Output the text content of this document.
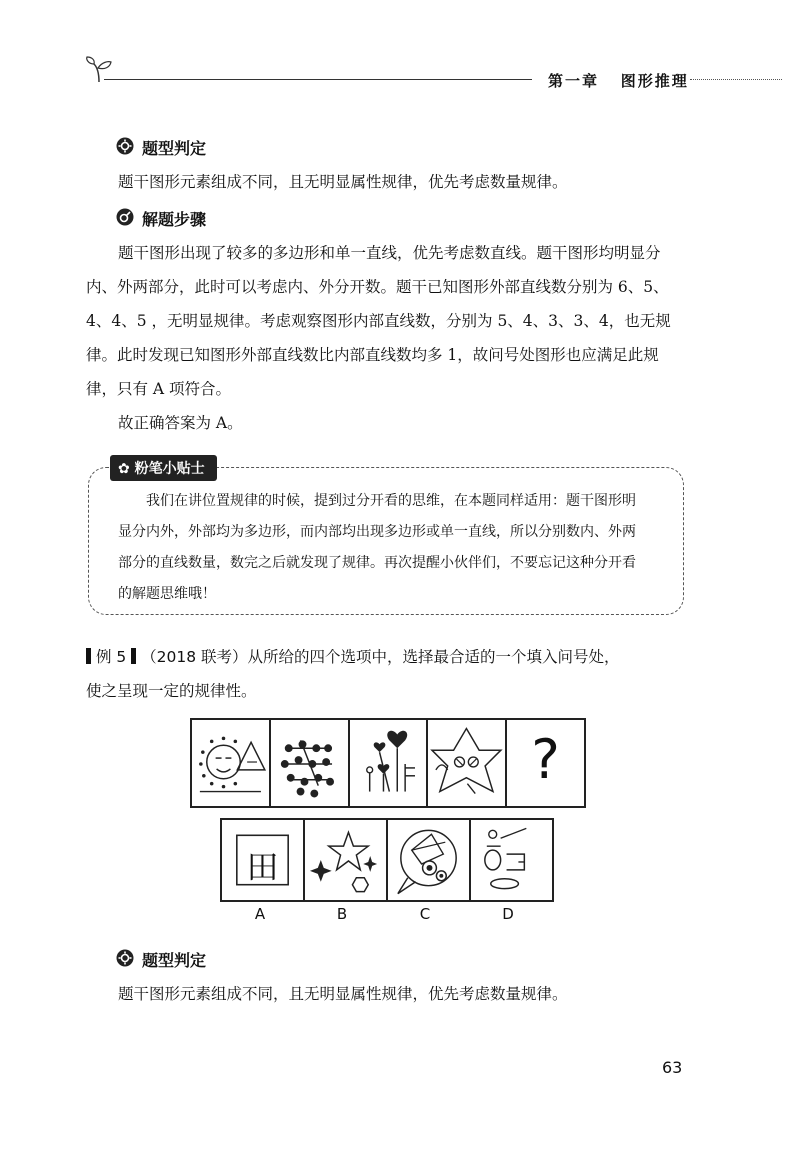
第一章 图形推理
题型判定
题干图形元素组成不同，且无明显属性规律，优先考虑数量规律。
解题步骤
题干图形出现了较多的多边形和单一直线，优先考虑数直线。题干图形均明显分
内、外两部分，此时可以考虑内、外分开数。题干已知图形外部直线数分别为 6、5、
4、4、5 ，无明显规律。考虑观察图形内部直线数，分别为 5、4、3、3、4，也无规
律。此时发现已知图形外部直线数比内部直线数均多 1，故问号处图形也应满足此规
律，只有 A 项符合。
故正确答案为 A。
✿ 粉笔小贴士
我们在讲位置规律的时候，提到过分开看的思维，在本题同样适用：题干图形明
显分内外，外部均为多边形，而内部均出现多边形或单一直线，所以分别数内、外两
部分的直线数量，数完之后就发现了规律。再次提醒小伙伴们，不要忘记这种分开看
的解题思维哦！
例 5 （2018 联考）从所给的四个选项中，选择最合适的一个填入问号处，
使之呈现一定的规律性。
?
田
A	B	C	D
题型判定
题干图形元素组成不同，且无明显属性规律，优先考虑数量规律。
63
